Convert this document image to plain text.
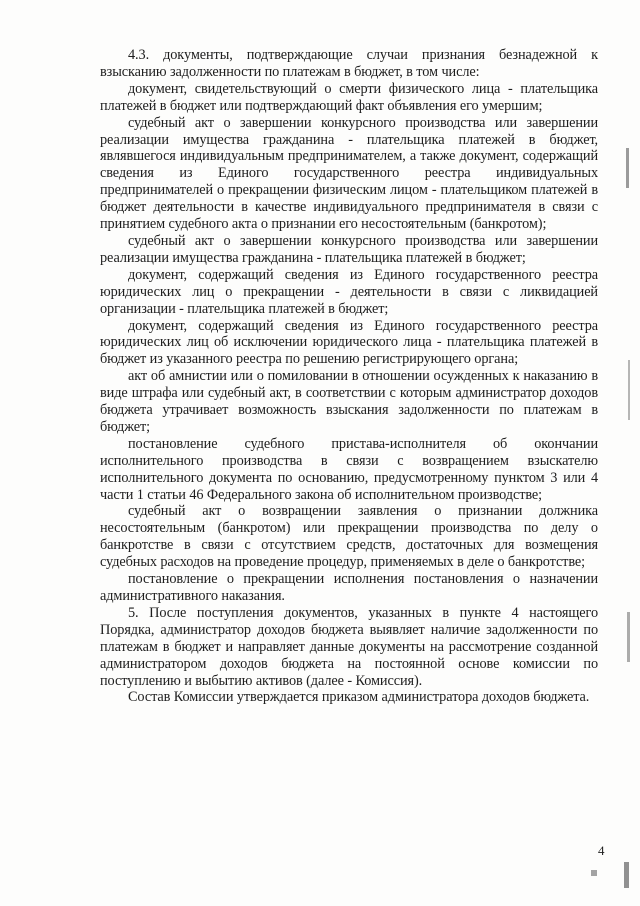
4.3. документы, подтверждающие случаи признания безнадежной к взысканию задолженности по платежам в бюджет, в том числе:

документ, свидетельствующий о смерти физического лица - плательщика платежей в бюджет или подтверждающий факт объявления его умершим;

судебный акт о завершении конкурсного производства или завершении реализации имущества гражданина - плательщика платежей в бюджет, являвшегося индивидуальным предпринимателем, а также документ, содержащий сведения из Единого государственного реестра индивидуальных предпринимателей о прекращении физическим лицом - плательщиком платежей в бюджет деятельности в качестве индивидуального предпринимателя в связи с принятием судебного акта о признании его несостоятельным (банкротом);

судебный акт о завершении конкурсного производства или завершении реализации имущества гражданина - плательщика платежей в бюджет;

документ, содержащий сведения из Единого государственного реестра юридических лиц о прекращении - деятельности в связи с ликвидацией организации - плательщика платежей в бюджет;

документ, содержащий сведения из Единого государственного реестра юридических лиц об исключении юридического лица - плательщика платежей в бюджет из указанного реестра по решению регистрирующего органа;

акт об амнистии или о помиловании в отношении осужденных к наказанию в виде штрафа или судебный акт, в соответствии с которым администратор доходов бюджета утрачивает возможность взыскания задолженности по платежам в бюджет;

постановление судебного пристава-исполнителя об окончании исполнительного производства в связи с возвращением взыскателю исполнительного документа по основанию, предусмотренному пунктом 3 или 4 части 1 статьи 46 Федерального закона об исполнительном производстве;

судебный акт о возвращении заявления о признании должника несостоятельным (банкротом) или прекращении производства по делу о банкротстве в связи с отсутствием средств, достаточных для возмещения судебных расходов на проведение процедур, применяемых в деле о банкротстве;

постановление о прекращении исполнения постановления о назначении административного наказания.

5. После поступления документов, указанных в пункте 4 настоящего Порядка, администратор доходов бюджета выявляет наличие задолженности по платежам в бюджет и направляет данные документы на рассмотрение созданной администратором доходов бюджета на постоянной основе комиссии по поступлению и выбытию активов (далее - Комиссия).

Состав Комиссии утверждается приказом администратора доходов бюджета.

4
